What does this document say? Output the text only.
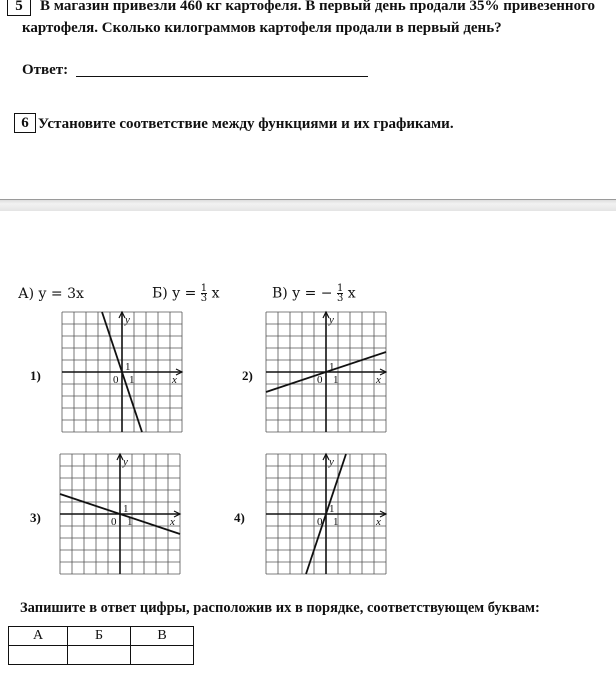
5	В магазин привезли 460 кг картофеля. В первый день продали 35% привезенного
картофеля. Сколько килограммов картофеля продали в первый день?
Ответ:
6 Установите соответствие между функциями и их графиками.
А) y = 3x	Б) $y = \frac{1}{3}$ x	В) y = − $\frac{1}{3}$ x
1)	2)
3)	4)
y
x
0 1
1
y
x
0 1
1
y
x
0 1
1
y
x
0 1
1
Запишите в ответ цифры, расположив их в порядке, соответствующем буквам:
А	Б	В
